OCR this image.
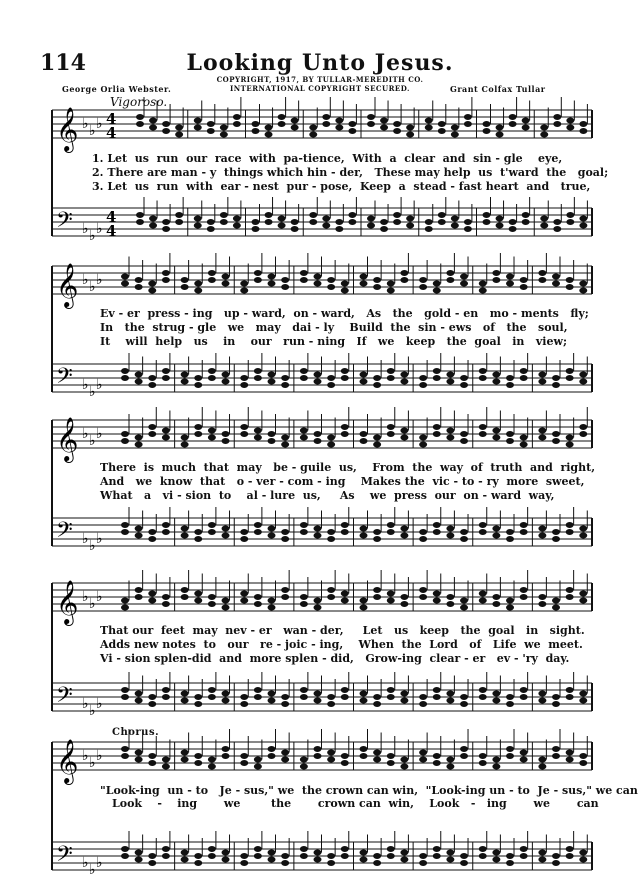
114	Looking Unto Jesus.
COPYRIGHT, 1917, BY TULLAR-MEREDITH CO.
INTERNATIONAL COPYRIGHT SECURED.
George Orlia Webster.	Grant Colfax Tullar
Vigoroso.
𝄞
𝄢
♭
♭
♭
♭
♭
♭
4
4
4
4
𝄞
𝄢
♭
♭
♭
♭
♭
♭
𝄞
𝄢
♭
♭
♭
♭
♭
♭
𝄞
𝄢
♭
♭
♭
♭
♭
♭
𝄞
𝄢
♭
♭
♭
♭
♭
♭
1. Let  us  run  our  race  with  pa-tience,  With  a  clear  and  sin - gle    eye,
2. There are man - y  things which hin - der,   These may help  us  t'ward  the   goal;
3. Let  us  run  with  ear - nest  pur - pose,  Keep  a  stead - fast heart  and   true,
Ev - er  press - ing   up - ward,  on - ward,   As   the   gold - en   mo - ments   fly;
In   the  strug - gle   we   may   dai - ly    Build  the  sin - ews   of   the   soul,
It    will  help   us    in    our   run - ning   If   we   keep   the  goal   in   view;
There  is  much  that  may   be - guile  us,    From  the  way  of  truth  and  right,
And   we  know  that   o - ver - com - ing    Makes the  vic - to - ry  more  sweet,
What   a   vi - sion  to    al - lure  us,     As    we  press  our  on - ward  way,
That our  feet  may  nev - er   wan - der,     Let   us   keep   the  goal   in   sight.
Adds new notes  to   our   re - joic - ing,    When  the  Lord   of   Life  we  meet.
Vi - sion splen-did  and  more splen - did,   Grow-ing  clear - er   ev - 'ry  day.
Chorus.
"Look-ing  un - to   Je - sus," we  the crown can win,  "Look-ing un - to  Je - sus," we can
Look    -    ing       we        the       crown can  win,    Look   -   ing       we       can
